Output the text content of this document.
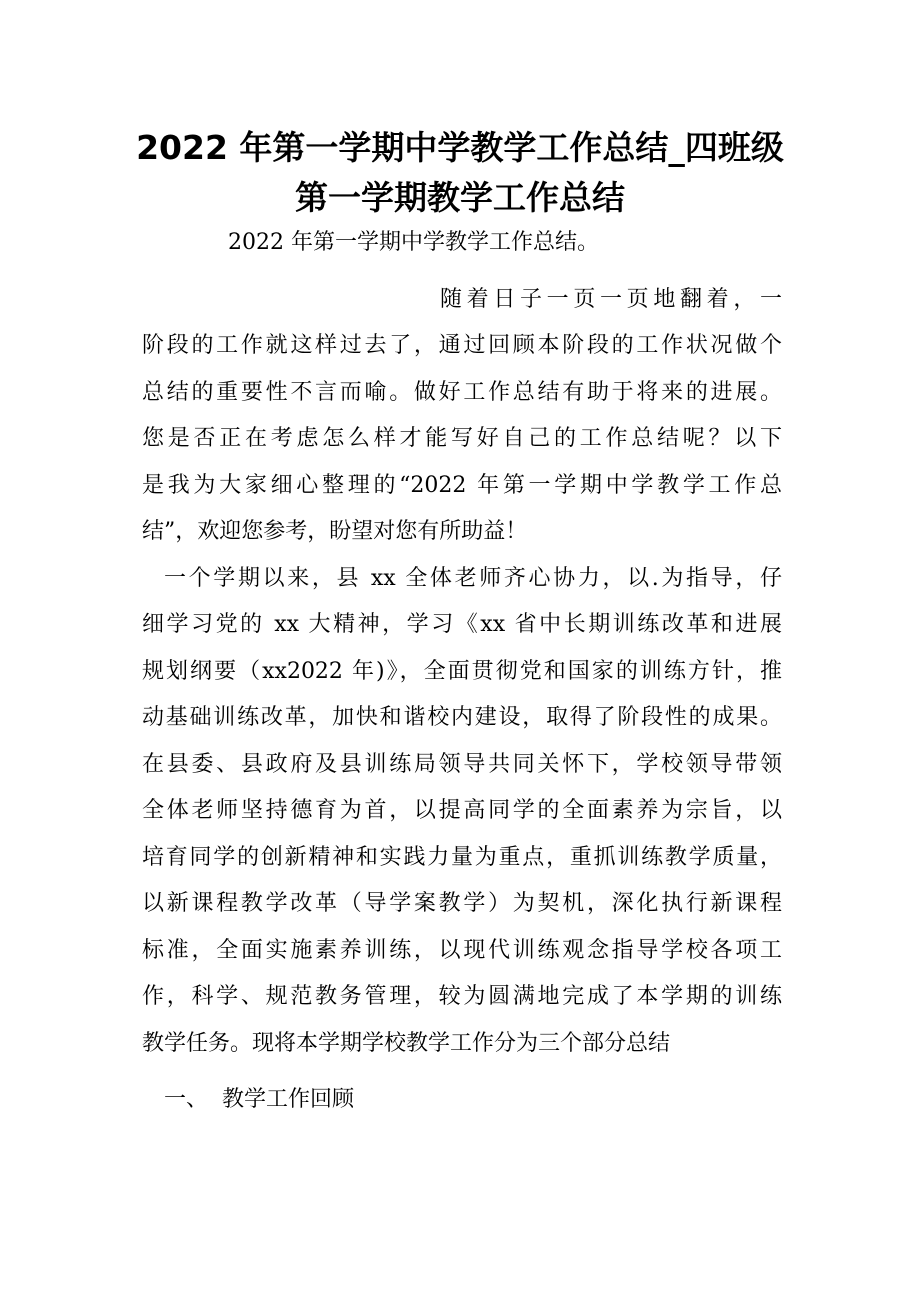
2022 年第一学期中学教学工作总结_四班级
第一学期教学工作总结
2022 年第一学期中学教学工作总结。
随着日子一页一页地翻着，一
阶段的工作就这样过去了，通过回顾本阶段的工作状况做个
总结的重要性不言而喻。做好工作总结有助于将来的进展。
您是否正在考虑怎么样才能写好自己的工作总结呢？以下
是我为大家细心整理的“2022 年第一学期中学教学工作总
结”，欢迎您参考，盼望对您有所助益！
一个学期以来，县 xx 全体老师齐心协力，以.为指导，仔
细学习党的 xx 大精神，学习《xx 省中长期训练改革和进展
规划纲要（xx2022 年)》，全面贯彻党和国家的训练方针，推
动基础训练改革，加快和谐校内建设，取得了阶段性的成果。
在县委、县政府及县训练局领导共同关怀下，学校领导带领
全体老师坚持德育为首，以提高同学的全面素养为宗旨，以
培育同学的创新精神和实践力量为重点，重抓训练教学质量，
以新课程教学改革（导学案教学）为契机，深化执行新课程
标准，全面实施素养训练，以现代训练观念指导学校各项工
作，科学、规范教务管理，较为圆满地完成了本学期的训练
教学任务。现将本学期学校教学工作分为三个部分总结
一、  教学工作回顾
